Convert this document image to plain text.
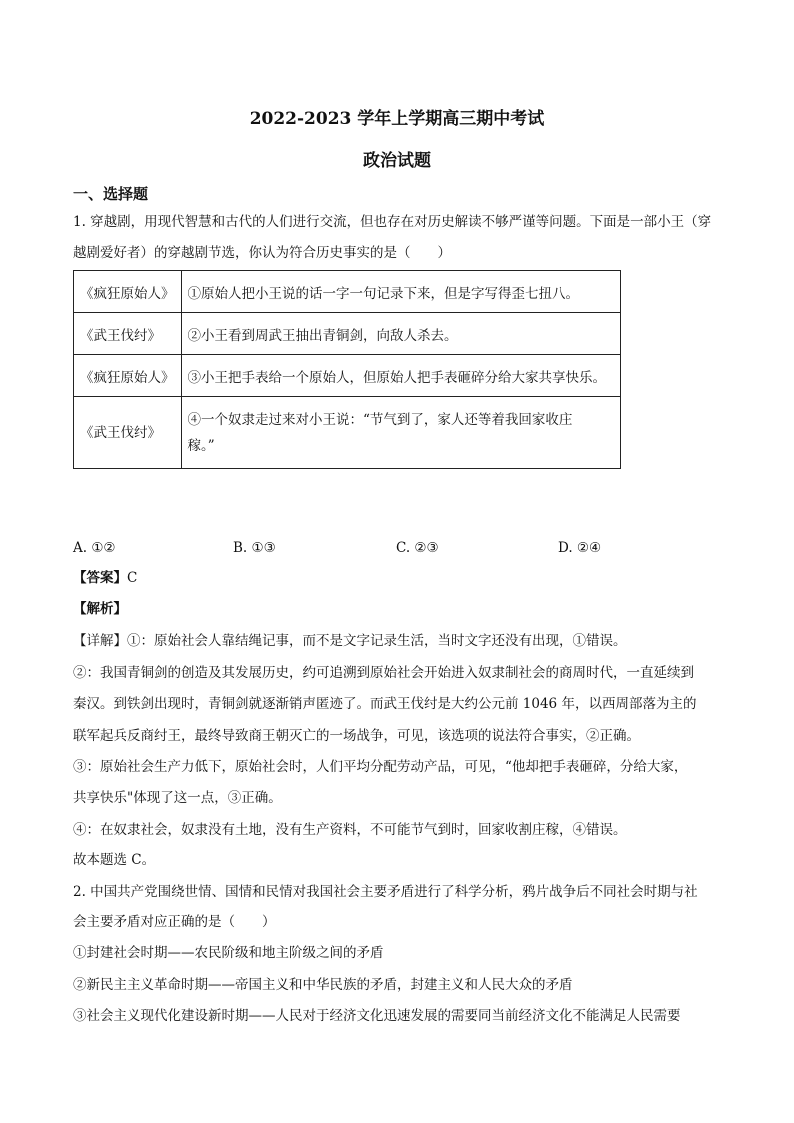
2022-2023 学年上学期高三期中考试
政治试题
一、选择题
1. 穿越剧，用现代智慧和古代的人们进行交流，但也存在对历史解读不够严谨等问题。下面是一部小王（穿
越剧爱好者）的穿越剧节选，你认为符合历史事实的是（　　）
《疯狂原始人》	①原始人把小王说的话一字一句记录下来，但是字写得歪七扭八。
《武王伐纣》	②小王看到周武王抽出青铜剑，向敌人杀去。
《疯狂原始人》	③小王把手表给一个原始人，但原始人把手表砸碎分给大家共享快乐。
《武王伐纣》	④一个奴隶走过来对小王说：“节气到了，家人还等着我回家收庄
稼。”
A. ①②	B. ①③	C. ②③	D. ②④
【答案】C
【解析】
【详解】①：原始社会人靠结绳记事，而不是文字记录生活，当时文字还没有出现，①错误。
②：我国青铜剑的创造及其发展历史，约可追溯到原始社会开始进入奴隶制社会的商周时代，一直延续到
秦汉。到铁剑出现时，青铜剑就逐渐销声匿迹了。而武王伐纣是大约公元前 1046 年，以西周部落为主的
联军起兵反商纣王，最终导致商王朝灭亡的一场战争，可见，该选项的说法符合事实，②正确。
③：原始社会生产力低下，原始社会时，人们平均分配劳动产品，可见，“他却把手表砸碎，分给大家，
共享快乐"体现了这一点，③正确。
④：在奴隶社会，奴隶没有土地，没有生产资料，不可能节气到时，回家收割庄稼，④错误。
故本题选 C。
2. 中国共产党围绕世情、国情和民情对我国社会主要矛盾进行了科学分析，鸦片战争后不同社会时期与社
会主要矛盾对应正确的是（　　）
①封建社会时期——农民阶级和地主阶级之间的矛盾
②新民主主义革命时期——帝国主义和中华民族的矛盾，封建主义和人民大众的矛盾
③社会主义现代化建设新时期——人民对于经济文化迅速发展的需要同当前经济文化不能满足人民需要
